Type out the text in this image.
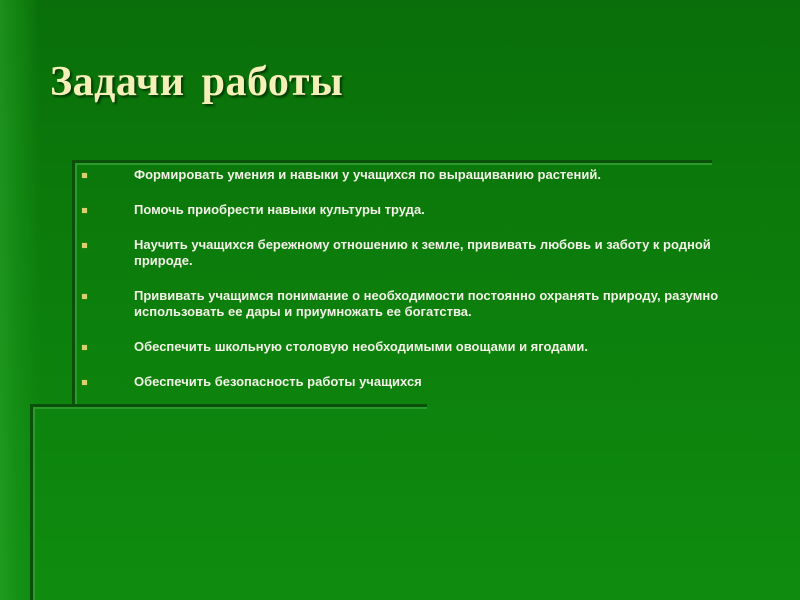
Задачи работы
Формировать умения и навыки у учащихся по выращиванию растений.
Помочь приобрести навыки культуры труда.
Научить учащихся бережному отношению к земле, прививать любовь и заботу к родной природе.
Прививать учащимся понимание о необходимости постоянно охранять природу, разумно использовать ее дары и приумножать ее богатства.
Обеспечить школьную столовую необходимыми овощами и ягодами.
Обеспечить безопасность работы учащихся
